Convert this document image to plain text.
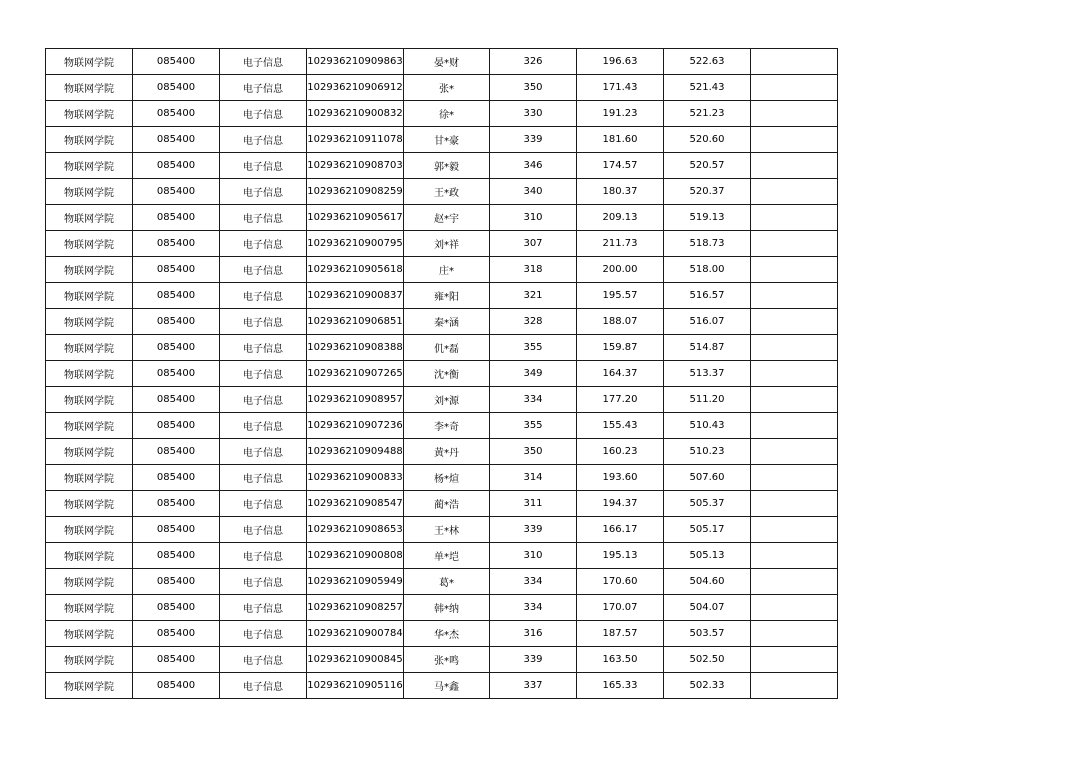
物联网学院	085400	电子信息	102936210909863	晏*财	326	196.63	522.63	
物联网学院	085400	电子信息	102936210906912	张*	350	171.43	521.43	
物联网学院	085400	电子信息	102936210900832	徐*	330	191.23	521.23	
物联网学院	085400	电子信息	102936210911078	甘*豪	339	181.60	520.60	
物联网学院	085400	电子信息	102936210908703	郭*毅	346	174.57	520.57	
物联网学院	085400	电子信息	102936210908259	王*政	340	180.37	520.37	
物联网学院	085400	电子信息	102936210905617	赵*宇	310	209.13	519.13	
物联网学院	085400	电子信息	102936210900795	刘*祥	307	211.73	518.73	
物联网学院	085400	电子信息	102936210905618	庄*	318	200.00	518.00	
物联网学院	085400	电子信息	102936210900837	雍*阳	321	195.57	516.57	
物联网学院	085400	电子信息	102936210906851	秦*涵	328	188.07	516.07	
物联网学院	085400	电子信息	102936210908388	仉*磊	355	159.87	514.87	
物联网学院	085400	电子信息	102936210907265	沈*衡	349	164.37	513.37	
物联网学院	085400	电子信息	102936210908957	刘*源	334	177.20	511.20	
物联网学院	085400	电子信息	102936210907236	李*奇	355	155.43	510.43	
物联网学院	085400	电子信息	102936210909488	黄*丹	350	160.23	510.23	
物联网学院	085400	电子信息	102936210900833	杨*煊	314	193.60	507.60	
物联网学院	085400	电子信息	102936210908547	蔺*浩	311	194.37	505.37	
物联网学院	085400	电子信息	102936210908653	王*林	339	166.17	505.17	
物联网学院	085400	电子信息	102936210900808	单*垲	310	195.13	505.13	
物联网学院	085400	电子信息	102936210905949	葛*	334	170.60	504.60	
物联网学院	085400	电子信息	102936210908257	韩*纳	334	170.07	504.07	
物联网学院	085400	电子信息	102936210900784	华*杰	316	187.57	503.57	
物联网学院	085400	电子信息	102936210900845	张*鸣	339	163.50	502.50	
物联网学院	085400	电子信息	102936210905116	马*鑫	337	165.33	502.33	
